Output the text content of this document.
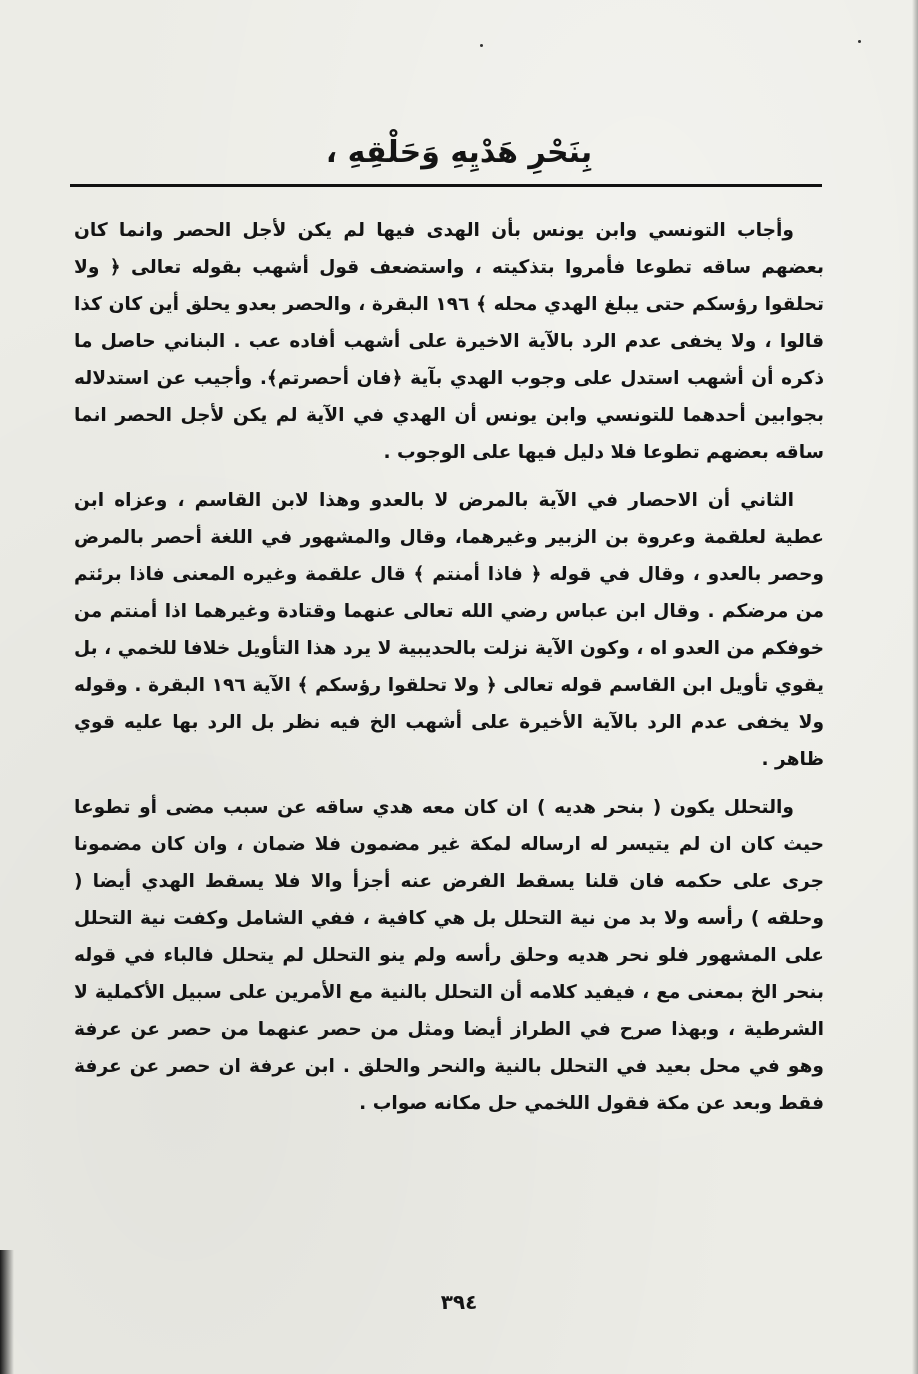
بِنَحْرِ هَدْيِهِ وَحَلْقِهِ ،

وأجاب التونسي وابن يونس بأن الهدى فيها لم يكن لأجل الحصر وانما كان بعضهم ساقه تطوعا فأمروا بتذكيته ، واستضعف قول أشهب بقوله تعالى ﴿ ولا تحلقوا رؤسكم حتى يبلغ الهدي محله ﴾ ١٩٦ البقرة ، والحصر بعدو يحلق أين كان كذا قالوا ، ولا يخفى عدم الرد بالآية الاخيرة على أشهب أفاده عب . البناني حاصل ما ذكره أن أشهب استدل على وجوب الهدي بآية ﴿فان أحصرتم﴾. وأجيب عن استدلاله بجوابين أحدهما للتونسي وابن يونس أن الهدي في الآية لم يكن لأجل الحصر انما ساقه بعضهم تطوعا فلا دليل فيها على الوجوب .

الثاني أن الاحصار في الآية بالمرض لا بالعدو وهذا لابن القاسم ، وعزاه ابن عطية لعلقمة وعروة بن الزبير وغيرهما، وقال والمشهور في اللغة أحصر بالمرض وحصر بالعدو ، وقال في قوله ﴿ فاذا أمنتم ﴾ قال علقمة وغيره المعنى فاذا برئتم من مرضكم . وقال ابن عباس رضي الله تعالى عنهما وقتادة وغيرهما اذا أمنتم من خوفكم من العدو اه ، وكون الآية نزلت بالحديبية لا يرد هذا التأويل خلافا للخمي ، بل يقوي تأويل ابن القاسم قوله تعالى ﴿ ولا تحلقوا رؤسكم ﴾ الآية ١٩٦ البقرة . وقوله ولا يخفى عدم الرد بالآية الأخيرة على أشهب الخ فيه نظر بل الرد بها عليه قوي ظاهر .

والتحلل يكون ( بنحر هديه ) ان كان معه هدي ساقه عن سبب مضى أو تطوعا حيث كان ان لم يتيسر له ارساله لمكة غير مضمون فلا ضمان ، وان كان مضمونا جرى على حكمه فان قلنا يسقط الفرض عنه أجزأ والا فلا يسقط الهدي أيضا ( وحلقه ) رأسه ولا بد من نية التحلل بل هي كافية ، ففي الشامل وكفت نية التحلل على المشهور فلو نحر هديه وحلق رأسه ولم ينو التحلل لم يتحلل فالباء في قوله بنحر الخ بمعنى مع ، فيفيد كلامه أن التحلل بالنية مع الأمرين على سبيل الأكملية لا الشرطية ، وبهذا صرح في الطراز أيضا ومثل من حصر عنهما من حصر عن عرفة وهو في محل بعيد في التحلل بالنية والنحر والحلق . ابن عرفة ان حصر عن عرفة فقط وبعد عن مكة فقول اللخمي حل مكانه صواب .

٣٩٤
